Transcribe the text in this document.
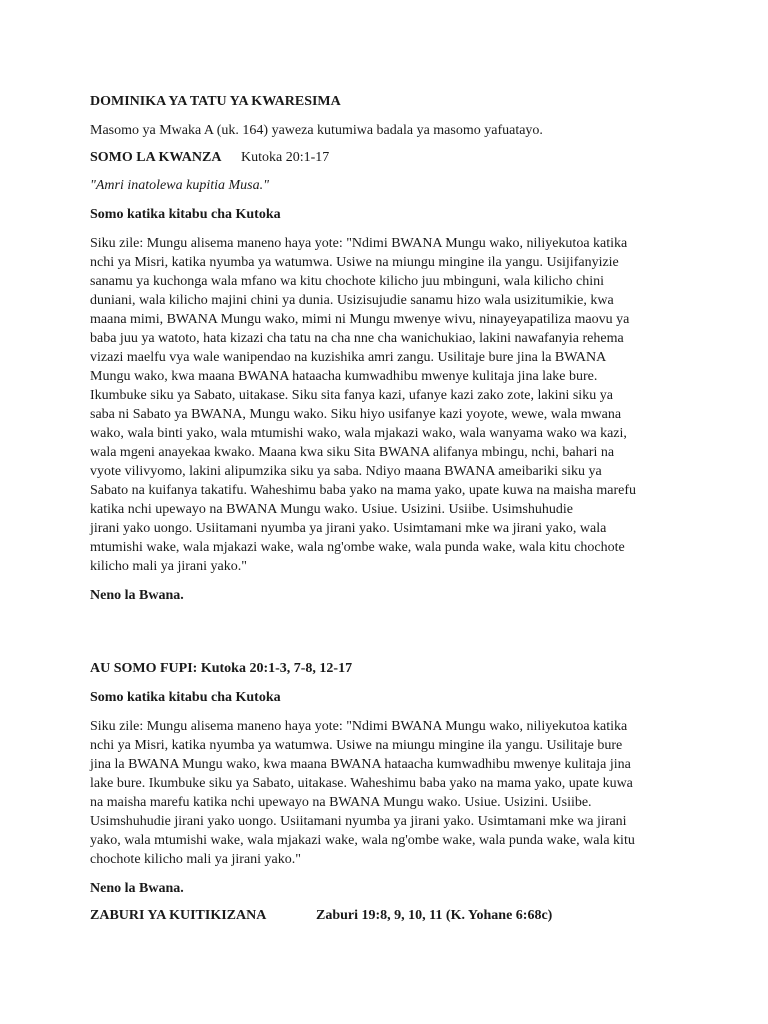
DOMINIKA YA TATU YA KWARESIMA

Masomo ya Mwaka A (uk. 164) yaweza kutumiwa badala ya masomo yafuatayo.

SOMO LA KWANZA	Kutoka 20:1-17

"Amri inatolewa kupitia Musa."

Somo katika kitabu cha Kutoka

Siku zile: Mungu alisema maneno haya yote: "Ndimi BWANA Mungu wako, niliyekutoa katika
nchi ya Misri, katika nyumba ya watumwa. Usiwe na miungu mingine ila yangu. Usijifanyizie
sanamu ya kuchonga wala mfano wa kitu chochote kilicho juu mbinguni, wala kilicho chini
duniani, wala kilicho majini chini ya dunia. Usizisujudie sanamu hizo wala usizitumikie, kwa
maana mimi, BWANA Mungu wako, mimi ni Mungu mwenye wivu, ninayeyapatiliza maovu ya
baba juu ya watoto, hata kizazi cha tatu na cha nne cha wanichukiao, lakini nawafanyia rehema
vizazi maelfu vya wale wanipendao na kuzishika amri zangu. Usilitaje bure jina la BWANA
Mungu wako, kwa maana BWANA hataacha kumwadhibu mwenye kulitaja jina lake bure.
Ikumbuke siku ya Sabato, uitakase. Siku sita fanya kazi, ufanye kazi zako zote, lakini siku ya
saba ni Sabato ya BWANA, Mungu wako. Siku hiyo usifanye kazi yoyote, wewe, wala mwana
wako, wala binti yako, wala mtumishi wako, wala mjakazi wako, wala wanyama wako wa kazi,
wala mgeni anayekaa kwako. Maana kwa siku Sita BWANA alifanya mbingu, nchi, bahari na
vyote vilivyomo, lakini alipumzika siku ya saba. Ndiyo maana BWANA ameibariki siku ya
Sabato na kuifanya takatifu. Waheshimu baba yako na mama yako, upate kuwa na maisha marefu
katika nchi upewayo na BWANA Mungu wako. Usiue. Usizini. Usiibe. Usimshuhudie
jirani yako uongo. Usiitamani nyumba ya jirani yako. Usimtamani mke wa jirani yako, wala
mtumishi wake, wala mjakazi wake, wala ng'ombe wake, wala punda wake, wala kitu chochote
kilicho mali ya jirani yako."

Neno la Bwana.

AU SOMO FUPI: Kutoka 20:1-3, 7-8, 12-17

Somo katika kitabu cha Kutoka

Siku zile: Mungu alisema maneno haya yote: "Ndimi BWANA Mungu wako, niliyekutoa katika
nchi ya Misri, katika nyumba ya watumwa. Usiwe na miungu mingine ila yangu. Usilitaje bure
jina la BWANA Mungu wako, kwa maana BWANA hataacha kumwadhibu mwenye kulitaja jina
lake bure. Ikumbuke siku ya Sabato, uitakase. Waheshimu baba yako na mama yako, upate kuwa
na maisha marefu katika nchi upewayo na BWANA Mungu wako. Usiue. Usizini. Usiibe.
Usimshuhudie jirani yako uongo. Usiitamani nyumba ya jirani yako. Usimtamani mke wa jirani
yako, wala mtumishi wake, wala mjakazi wake, wala ng'ombe wake, wala punda wake, wala kitu
chochote kilicho mali ya jirani yako."

Neno la Bwana.

ZABURI YA KUITIKIZANA	Zaburi 19:8, 9, 10, 11 (K. Yohane 6:68c)
